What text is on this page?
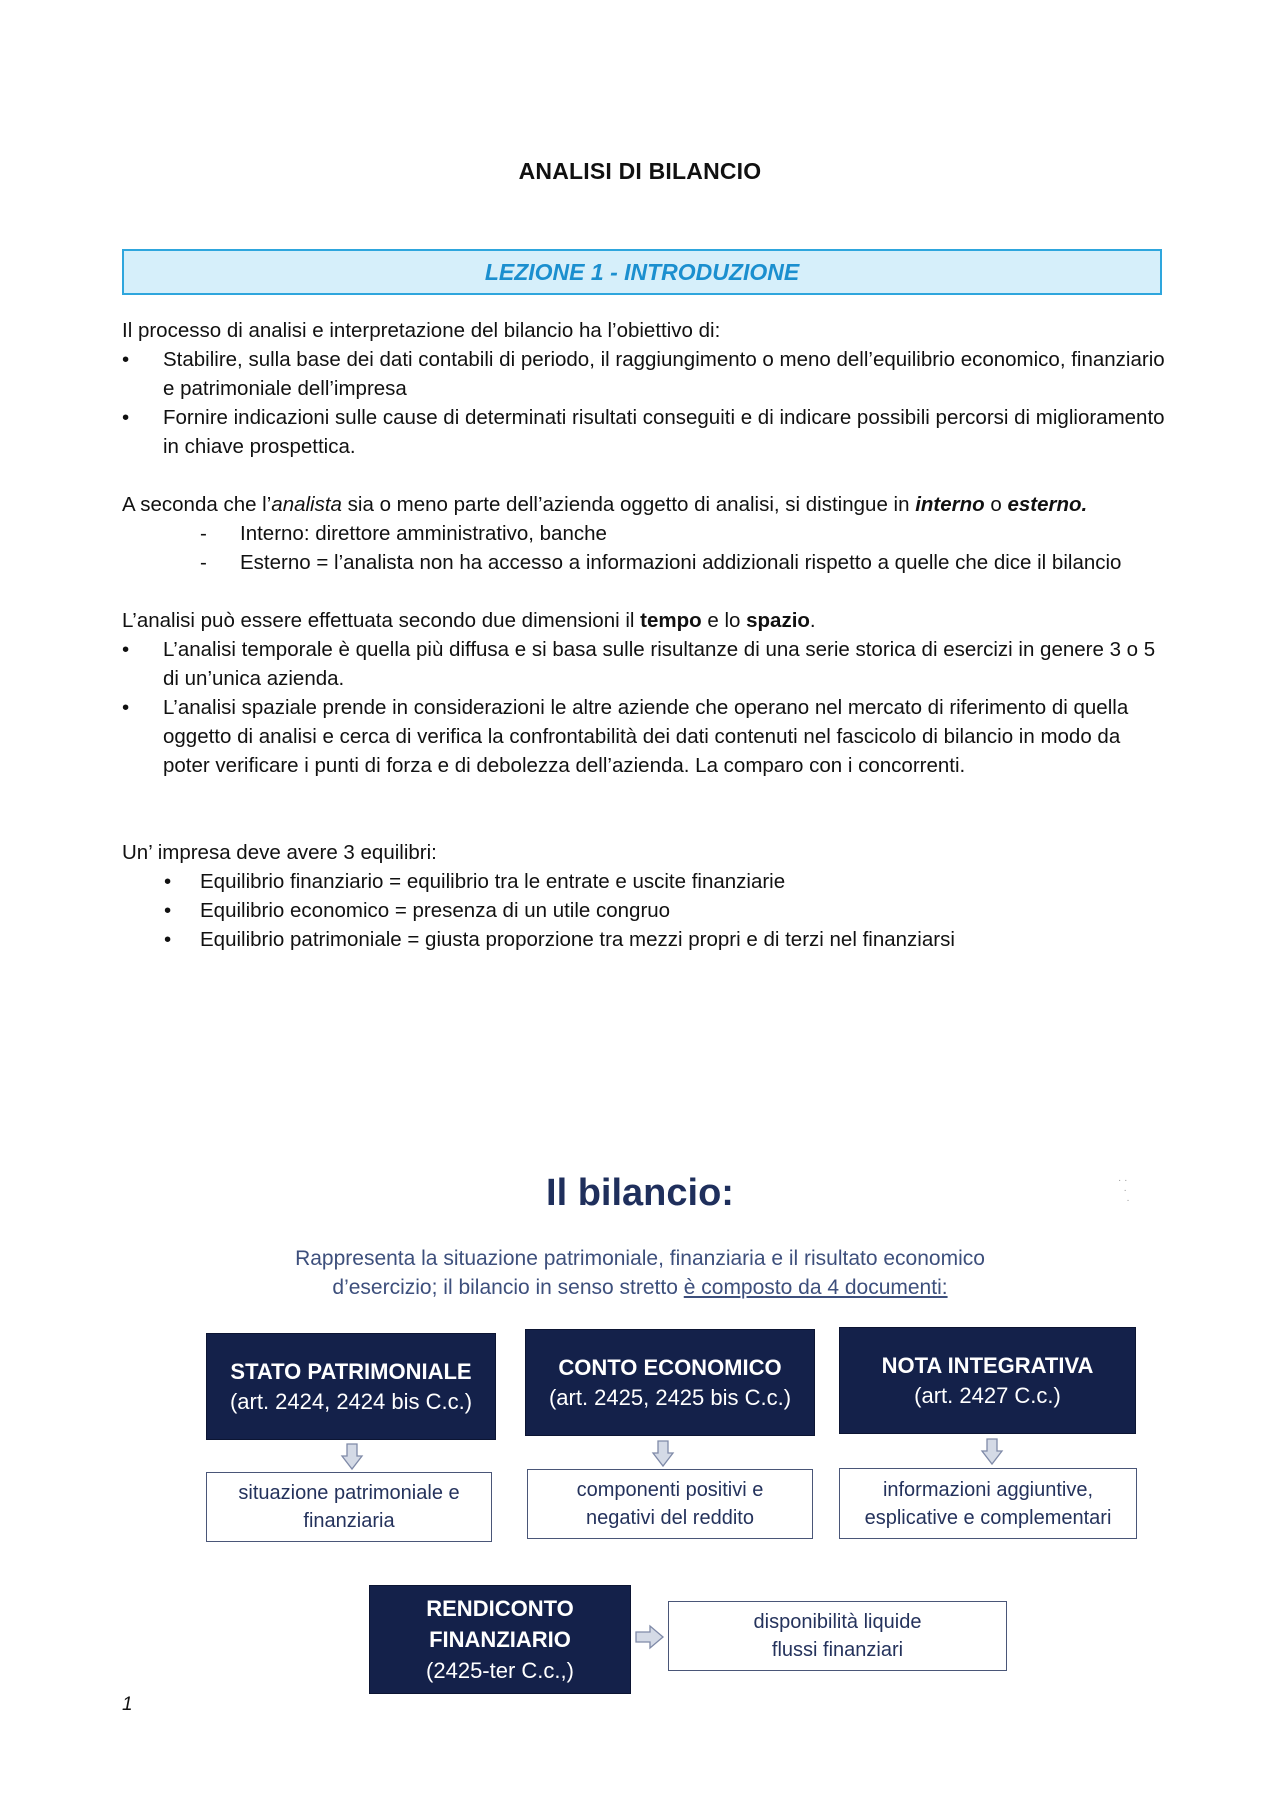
ANALISI DI BILANCIO
LEZIONE 1 - INTRODUZIONE

Il processo di analisi e interpretazione del bilancio ha l’obiettivo di:

• Stabilire, sulla base dei dati contabili di periodo, il raggiungimento o meno dell’equilibrio economico, finanziario e patrimoniale dell’impresa
• Fornire indicazioni sulle cause di determinati risultati conseguiti e di indicare possibili percorsi di miglioramento in chiave prospettica.

A seconda che l’analista sia o meno parte dell’azienda oggetto di analisi, si distingue in interno o esterno.

- Interno: direttore amministrativo, banche
- Esterno = l’analista non ha accesso a informazioni addizionali rispetto a quelle che dice il bilancio

L’analisi può essere effettuata secondo due dimensioni il tempo e lo spazio.

• L’analisi temporale è quella più diffusa e si basa sulle risultanze di una serie storica di esercizi in genere 3 o 5 di un’unica azienda.
• L’analisi spaziale prende in considerazioni le altre aziende che operano nel mercato di riferimento di quella oggetto di analisi e cerca di verifica la confrontabilità dei dati contenuti nel fascicolo di bilancio in modo da poter verificare i punti di forza e di debolezza dell’azienda. La comparo con i concorrenti.

Un’ impresa deve avere 3 equilibri:

• Equilibrio finanziario = equilibrio tra le entrate e uscite finanziarie
• Equilibrio economico = presenza di un utile congruo
• Equilibrio patrimoniale = giusta proporzione tra mezzi propri e di terzi nel finanziarsi
Il bilancio:	· ·
·
·
Rappresenta la situazione patrimoniale, finanziaria e il risultato economico
d’esercizio; il bilancio in senso stretto è composto da 4 documenti:
STATO PATRIMONIALE
(art. 2424, 2424 bis C.c.)
CONTO ECONOMICO
(art. 2425, 2425 bis C.c.)
NOTA INTEGRATIVA
(art. 2427 C.c.)
situazione patrimoniale e
finanziaria
componenti positivi e
negativi del reddito
informazioni aggiuntive,
esplicative e complementari
RENDICONTO
FINANZIARIO
(2425-ter C.c.,)
disponibilità liquide
flussi finanziari
1
